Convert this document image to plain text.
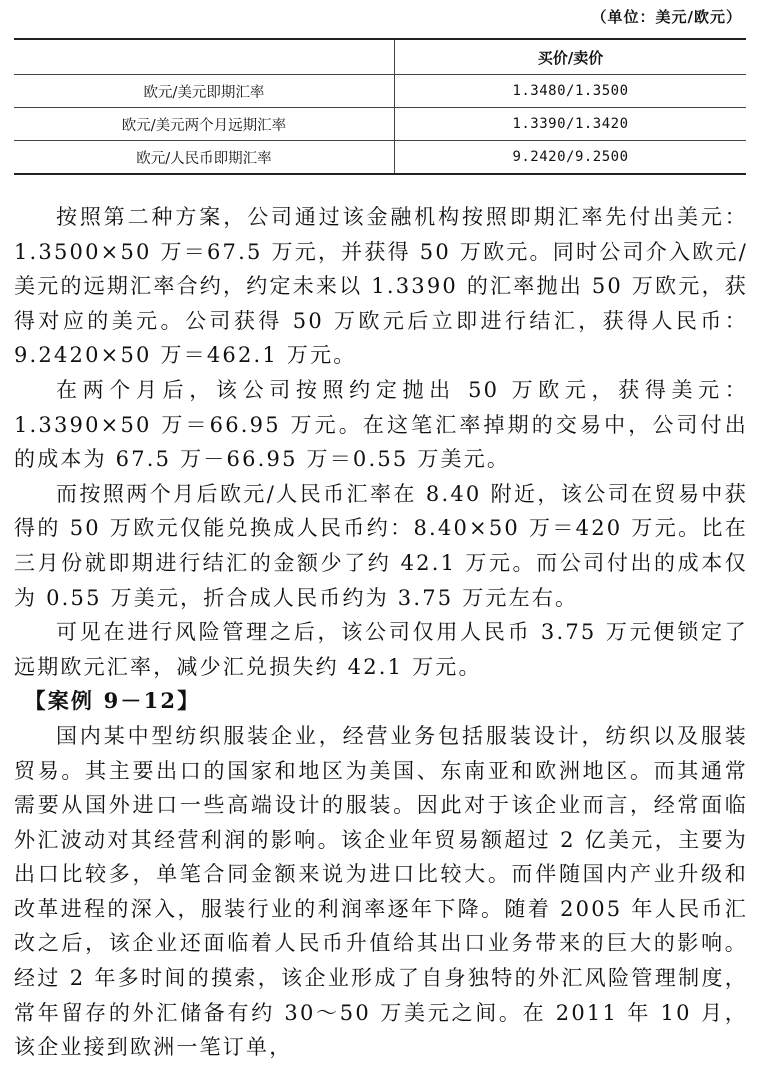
（单位：美元/欧元）
	买价/卖价
欧元/美元即期汇率	1.3480/1.3500
欧元/美元两个月远期汇率	1.3390/1.3420
欧元/人民币即期汇率	9.2420/9.2500

按照第二种方案，公司通过该金融机构按照即期汇率先付出美元：1.3500×50 万＝67.5 万元，并获得 50 万欧元。同时公司介入欧元/美元的远期汇率合约，约定未来以 1.3390 的汇率抛出 50 万欧元，获得对应的美元。公司获得 50 万欧元后立即进行结汇，获得人民币：9.2420×50 万＝462.1 万元。

在两个月后，该公司按照约定抛出 50 万欧元，获得美元：1.3390×50 万＝66.95 万元。在这笔汇率掉期的交易中，公司付出的成本为 67.5 万－66.95 万＝0.55 万美元。

而按照两个月后欧元/人民币汇率在 8.40 附近，该公司在贸易中获得的 50 万欧元仅能兑换成人民币约：8.40×50 万＝420 万元。比在三月份就即期进行结汇的金额少了约 42.1 万元。而公司付出的成本仅为 0.55 万美元，折合成人民币约为 3.75 万元左右。

可见在进行风险管理之后，该公司仅用人民币 3.75 万元便锁定了远期欧元汇率，减少汇兑损失约 42.1 万元。

【案例 9－12】

国内某中型纺织服装企业，经营业务包括服装设计，纺织以及服装贸易。其主要出口的国家和地区为美国、东南亚和欧洲地区。而其通常需要从国外进口一些高端设计的服装。因此对于该企业而言，经常面临外汇波动对其经营利润的影响。该企业年贸易额超过 2 亿美元，主要为出口比较多，单笔合同金额来说为进口比较大。而伴随国内产业升级和改革进程的深入，服装行业的利润率逐年下降。随着 2005 年人民币汇改之后，该企业还面临着人民币升值给其出口业务带来的巨大的影响。经过 2 年多时间的摸索，该企业形成了自身独特的外汇风险管理制度，常年留存的外汇储备有约 30～50 万美元之间。在 2011 年 10 月，该企业接到欧洲一笔订单，
